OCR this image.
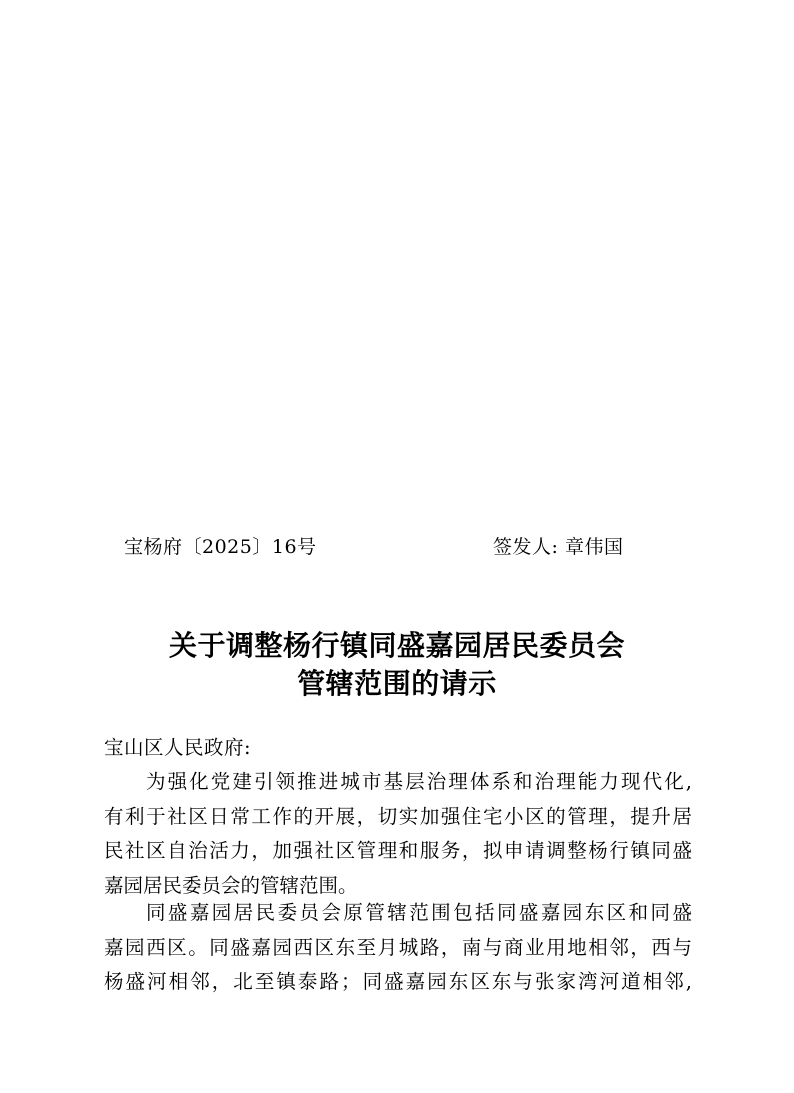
宝杨府〔2025〕16号	签发人: 章伟国
关于调整杨行镇同盛嘉园居民委员会
管辖范围的请示
宝山区人民政府:
为强化党建引领推进城市基层治理体系和治理能力现代化,
有利于社区日常工作的开展，切实加强住宅小区的管理，提升居
民社区自治活力，加强社区管理和服务，拟申请调整杨行镇同盛
嘉园居民委员会的管辖范围。
同盛嘉园居民委员会原管辖范围包括同盛嘉园东区和同盛
嘉园西区。同盛嘉园西区东至月城路，南与商业用地相邻，西与
杨盛河相邻，北至镇泰路；同盛嘉园东区东与张家湾河道相邻,
